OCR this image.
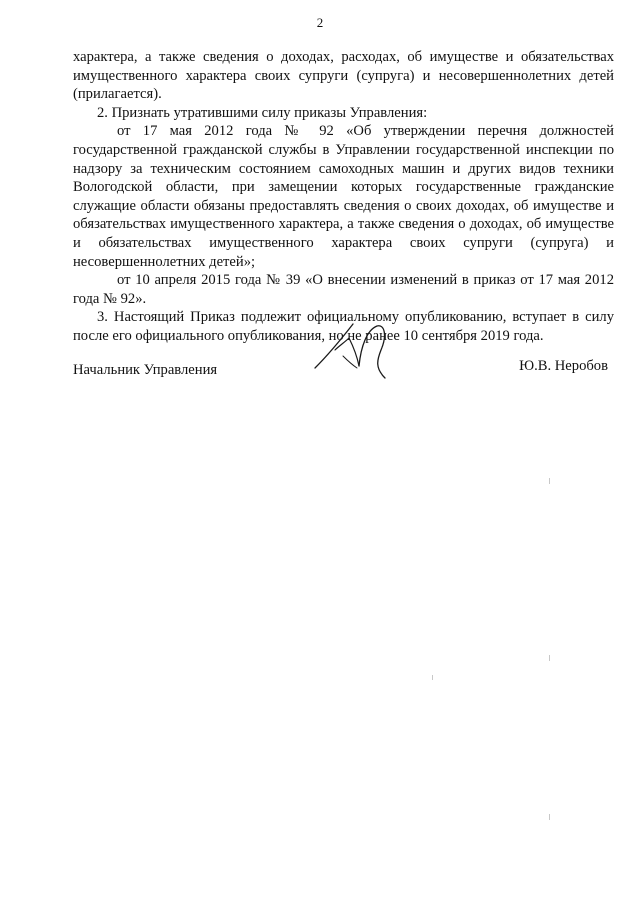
2

характера, а также сведения о доходах, расходах, об имуществе и обязательствах имущественного характера своих супруги (супруга) и несовершеннолетних детей (прилагается).

2. Признать утратившими силу приказы Управления:

от 17 мая 2012 года № 92 «Об утверждении перечня должностей государственной гражданской службы в Управлении государственной инспекции по надзору за техническим состоянием самоходных машин и других видов техники Вологодской области, при замещении которых государственные гражданские служащие области обязаны предоставлять сведения о своих доходах, об имуществе и обязательствах имущественного характера, а также сведения о доходах, об имуществе и обязательствах имущественного характера своих супруги (супруга) и несовершеннолетних детей»;

от 10 апреля 2015 года № 39 «О внесении изменений в приказ от 17 мая 2012 года № 92».

3. Настоящий Приказ подлежит официальному опубликованию, вступает в силу после его официального опубликования, но не ранее 10 сентября 2019 года.

Начальник Управления	Ю.В. Неробов
